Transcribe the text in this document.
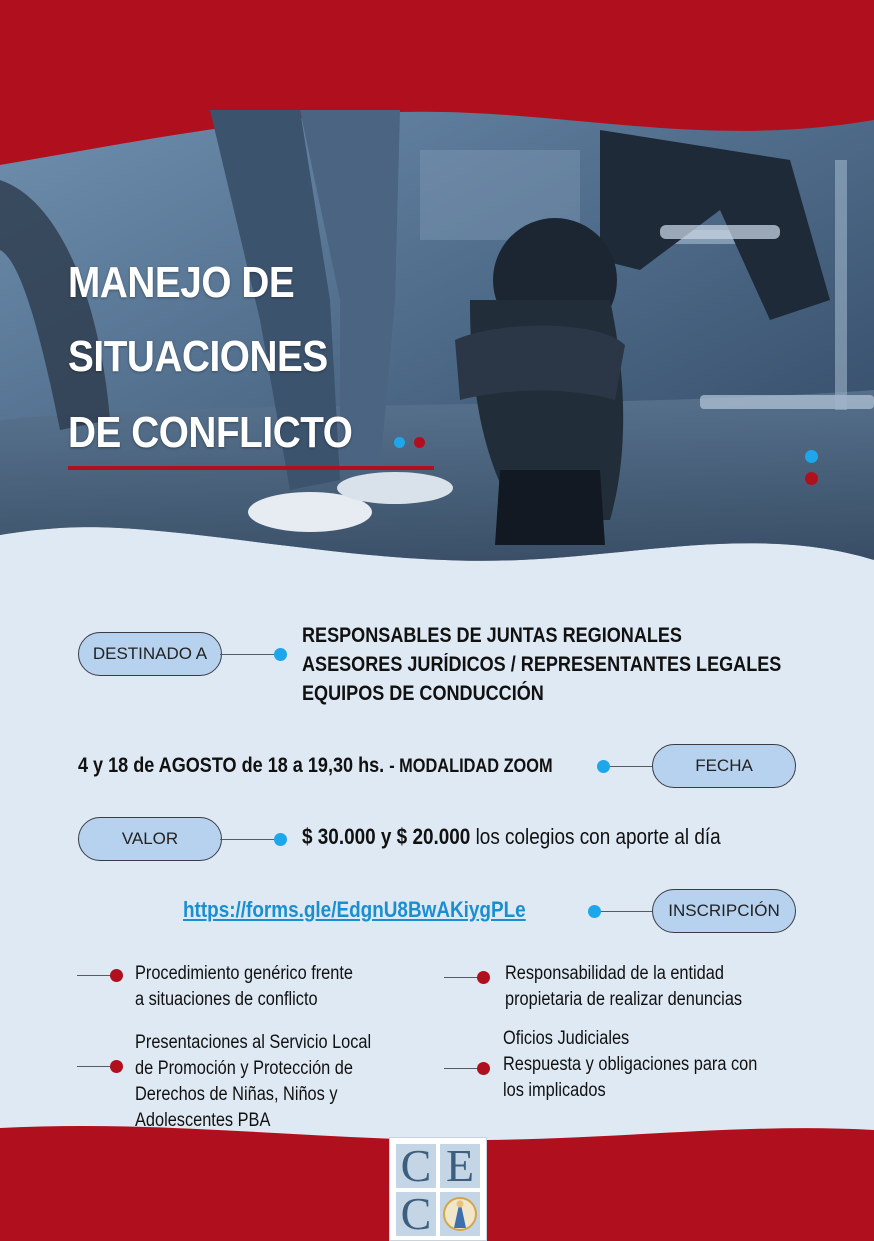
MANEJO DE
SITUACIONES
DE CONFLICTO
DESTINADO A
RESPONSABLES DE JUNTAS REGIONALES
ASESORES JURÍDICOS / REPRESENTANTES LEGALES
EQUIPOS DE CONDUCCIÓN
4 y 18 de AGOSTO de 18 a 19,30 hs. - MODALIDAD ZOOM	FECHA
VALOR	$ 30.000 y $ 20.000 los colegios con aporte al día
https://forms.gle/EdgnU8BwAKiygPLe	INSCRIPCIÓN
Procedimiento genérico frente
a situaciones de conflicto
Presentaciones al Servicio Local
de Promoción y Protección de
Derechos de Niñas, Niños y
Adolescentes PBA
Responsabilidad de la entidad
propietaria de realizar denuncias
Oficios Judiciales
Respuesta y obligaciones para con
los implicados
C E
C
